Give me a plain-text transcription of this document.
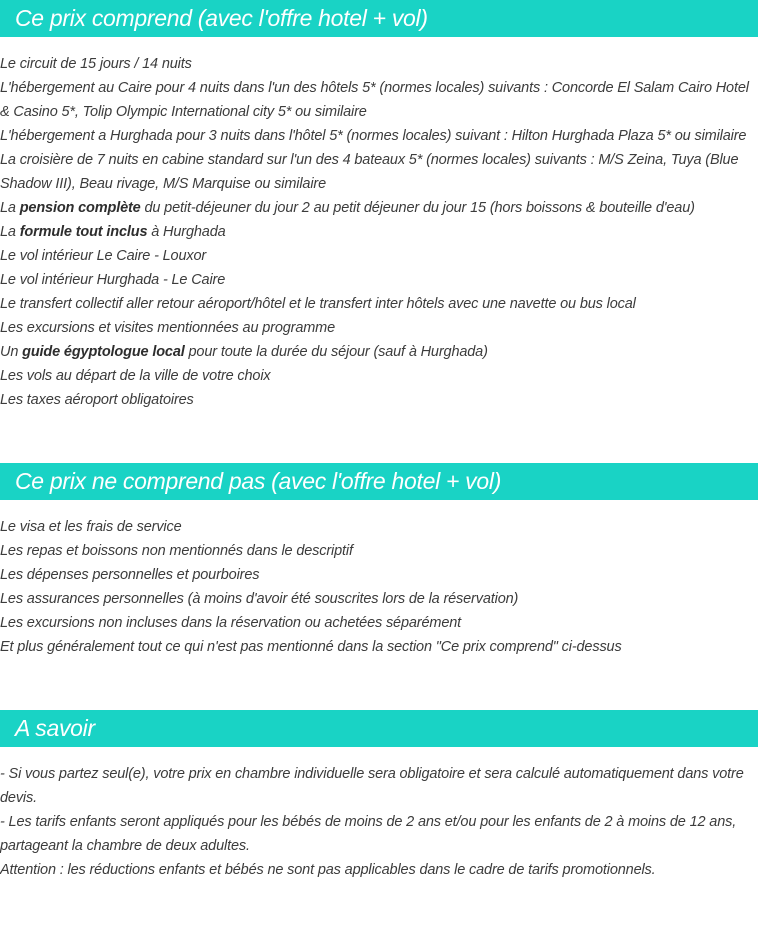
Ce prix comprend (avec l'offre hotel + vol)
Le circuit de 15 jours / 14 nuits
L'hébergement au Caire pour 4 nuits dans l'un des hôtels 5* (normes locales) suivants : Concorde El Salam Cairo Hotel & Casino 5*, Tolip Olympic International city 5* ou similaire
L'hébergement a Hurghada pour 3 nuits dans l'hôtel 5* (normes locales) suivant : Hilton Hurghada Plaza 5* ou similaire
La croisière de 7 nuits en cabine standard sur l'un des 4 bateaux 5* (normes locales) suivants : M/S Zeina, Tuya (Blue Shadow III), Beau rivage, M/S Marquise ou similaire
La pension complète du petit-déjeuner du jour 2 au petit déjeuner du jour 15 (hors boissons & bouteille d'eau)
La formule tout inclus à Hurghada
Le vol intérieur Le Caire - Louxor
Le vol intérieur Hurghada - Le Caire
Le transfert collectif aller retour aéroport/hôtel et le transfert inter hôtels avec une navette ou bus local
Les excursions et visites mentionnées au programme
Un guide égyptologue local pour toute la durée du séjour (sauf à Hurghada)
Les vols au départ de la ville de votre choix
Les taxes aéroport obligatoires
Ce prix ne comprend pas (avec l'offre hotel + vol)
Le visa et les frais de service
Les repas et boissons non mentionnés dans le descriptif
Les dépenses personnelles et pourboires
Les assurances personnelles (à moins d'avoir été souscrites lors de la réservation)
Les excursions non incluses dans la réservation ou achetées séparément
Et plus généralement tout ce qui n'est pas mentionné dans la section "Ce prix comprend" ci-dessus
A savoir
- Si vous partez seul(e), votre prix en chambre individuelle sera obligatoire et sera calculé automatiquement dans votre devis.
- Les tarifs enfants seront appliqués pour les bébés de moins de 2 ans et/ou pour les enfants de 2 à moins de 12 ans, partageant la chambre de deux adultes.
Attention : les réductions enfants et bébés ne sont pas applicables dans le cadre de tarifs promotionnels.
